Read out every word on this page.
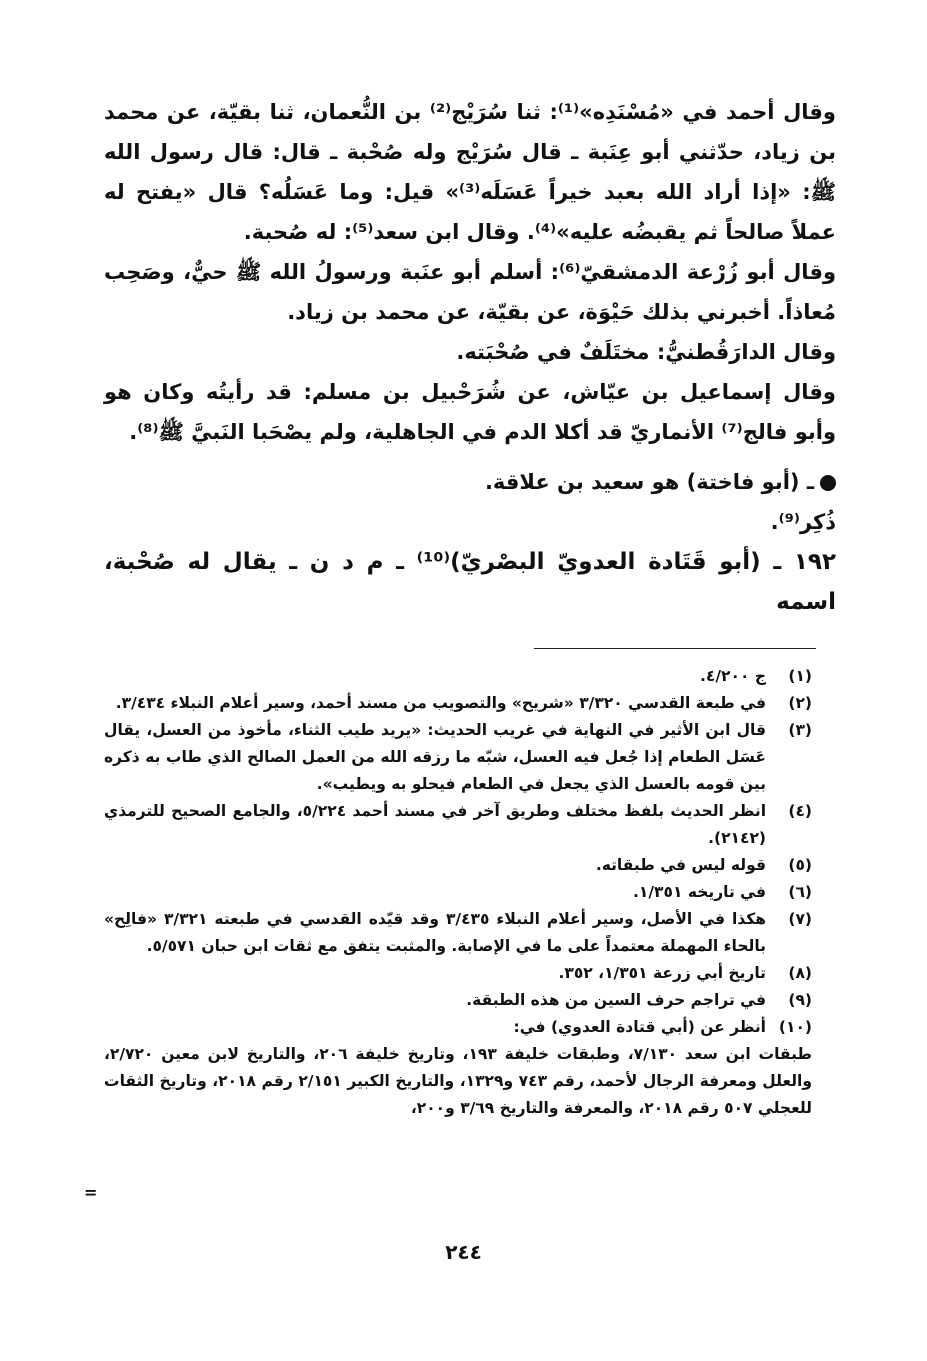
وقال أحمد في «مُسْنَدِه»⁽¹⁾: ثنا سُرَيْج⁽²⁾ بن النُّعمان، ثنا بقيّة، عن محمد بن زياد، حدّثني أبو عِنَبة ـ قال سُرَيْج وله صُحْبة ـ قال: قال رسول الله ﷺ: «إذا أراد الله بعبد خيراً عَسَلَه⁽³⁾» قيل: وما عَسَلُه؟ قال «يفتح له عملاً صالحاً ثم يقبضُه عليه»⁽⁴⁾. وقال ابن سعد⁽⁵⁾: له صُحبة.

وقال أبو زُرْعة الدمشقيّ⁽⁶⁾: أسلم أبو عنَبة ورسولُ الله ﷺ حيٌّ، وصَحِب مُعاذاً. أخبرني بذلك حَيْوَة، عن بقيّة، عن محمد بن زياد.

وقال الدارَقُطنيُّ: مختَلَفٌ في صُحْبَته.

وقال إسماعيل بن عيّاش، عن شُرَحْبيل بن مسلم: قد رأيتُه وكان هو وأبو فالج⁽⁷⁾ الأنماريّ قد أكلا الدم في الجاهلية، ولم يصْحَبا النَبيَّ ﷺ⁽⁸⁾.

ـ (أبو فاختة) هو سعيد بن علاقة.

ذُكِر⁽⁹⁾.

١٩٢ ـ (أبو قَتَادة العدويّ البصْريّ)⁽¹⁰⁾ ـ م د ن ـ يقال له صُحْبة، اسمه

(١)
ج ٤/٢٠٠.
(٢)
في طبعة القدسي ٣/٣٢٠ «شريح» والتصويب من مسند أحمد، وسير أعلام النبلاء ٣/٤٣٤.
(٣)
قال ابن الأثير في النهاية في غريب الحديث: «يريد طيب الثناء، مأخوذ من العسل، يقال عَسَل الطعام إذا جُعل فيه العسل، شبّه ما رزقه الله من العمل الصالح الذي طاب به ذكره بين قومه بالعسل الذي يجعل في الطعام فيحلو به ويطيب».
(٤)
انظر الحديث بلفظ مختلف وطريق آخر في مسند أحمد ٥/٢٢٤، والجامع الصحيح للترمذي (٢١٤٢).
(٥)
قوله ليس في طبقاته.
(٦)
في تاريخه ١/٣٥١.
(٧)
هكذا في الأصل، وسير أعلام النبلاء ٣/٤٣٥ وقد قيّده القدسي في طبعته ٣/٣٢١ «فالِح» بالحاء المهملة معتمداً على ما في الإصابة. والمثبت يتفق مع ثقات ابن حبان ٥/٥٧١.
(٨)
تاريخ أبي زرعة ١/٣٥١، ٣٥٢.
(٩)
في تراجم حرف السين من هذه الطبقة.
(١٠)
أنظر عن (أبي قتادة العدوي) في:
طبقات ابن سعد ٧/١٣٠، وطبقات خليفة ١٩٣، وتاريخ خليفة ٢٠٦، والتاريخ لابن معين ٢/٧٢٠، والعلل ومعرفة الرجال لأحمد، رقم ٧٤٣ و١٣٢٩، والتاريخ الكبير ٢/١٥١ رقم ٢٠١٨، وتاريخ الثقات للعجلي ٥٠٧ رقم ٢٠١٨، والمعرفة والتاريخ ٣/٦٩ و٢٠٠،
=
٢٤٤
